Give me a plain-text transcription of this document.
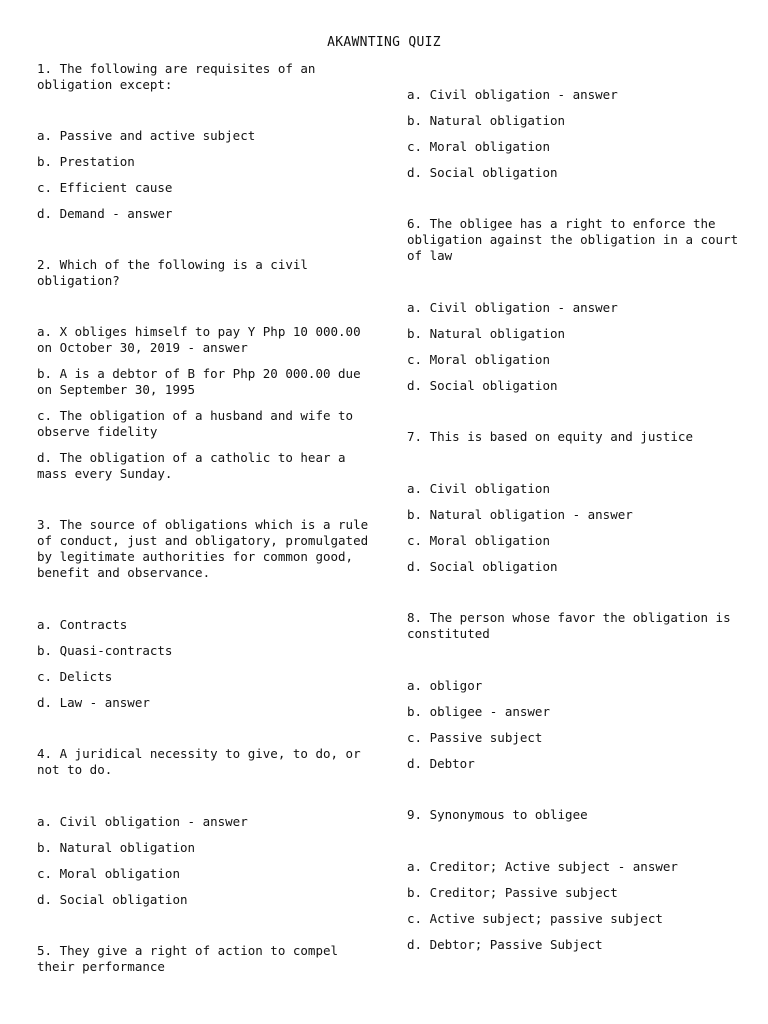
AKAWNTING QUIZ

1. The following are requisites of an obligation except:

a. Passive and active subject
b. Prestation
c. Efficient cause
d. Demand - answer

2. Which of the following is a civil obligation?

a. X obliges himself to pay Y Php 10 000.00 on October 30, 2019 - answer
b. A is a debtor of B for Php 20 000.00 due on September 30, 1995
c. The obligation of a husband and wife to observe fidelity
d. The obligation of a catholic to hear a mass every Sunday.

3. The source of obligations which is a rule of conduct, just and obligatory, promulgated by legitimate authorities for common good, benefit and observance.

a. Contracts
b. Quasi-contracts
c. Delicts
d. Law - answer

4. A juridical necessity to give, to do, or not to do.

a. Civil obligation - answer
b. Natural obligation
c. Moral obligation
d. Social obligation

5. They give a right of action to compel their performance

a. Civil obligation - answer
b. Natural obligation
c. Moral obligation
d. Social obligation

6. The obligee has a right to enforce the obligation against the obligation in a court of law

a. Civil obligation - answer
b. Natural obligation
c. Moral obligation
d. Social obligation

7. This is based on equity and justice

a. Civil obligation
b. Natural obligation - answer
c. Moral obligation
d. Social obligation

8. The person whose favor the obligation is constituted

a. obligor
b. obligee - answer
c. Passive subject
d. Debtor

9. Synonymous to obligee

a. Creditor; Active subject - answer
b. Creditor; Passive subject
c. Active subject; passive subject
d. Debtor; Passive Subject
